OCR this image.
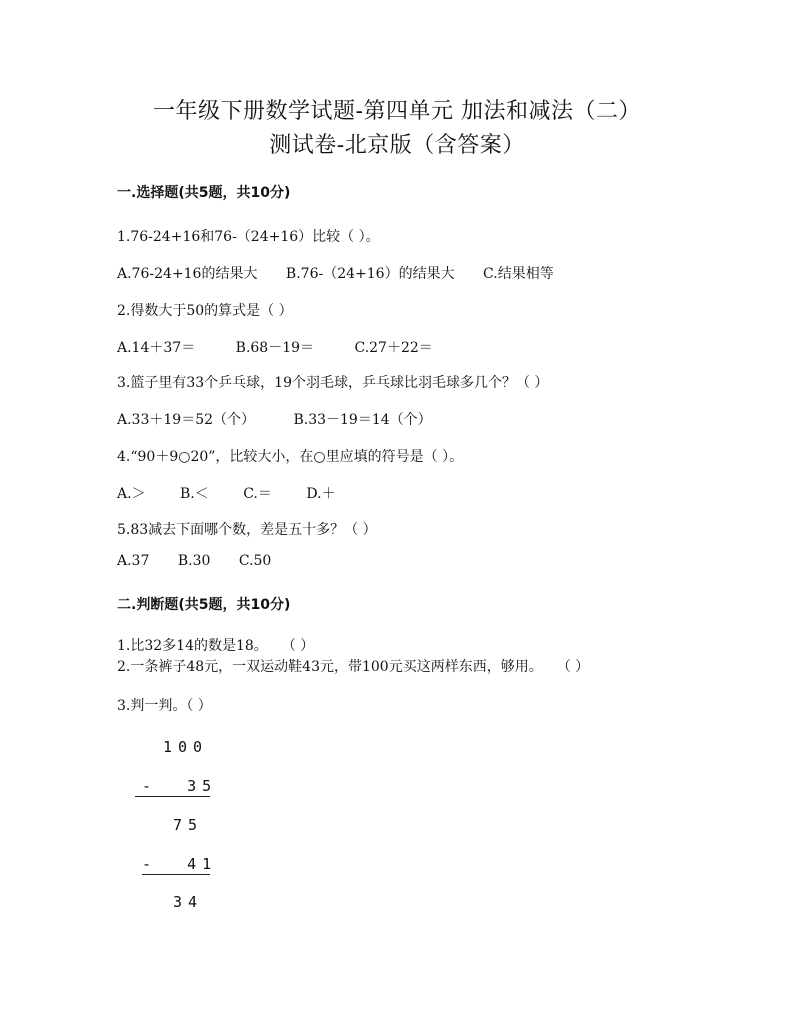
一年级下册数学试题-第四单元 加法和减法（二）
测试卷-北京版（含答案）
一.选择题(共5题，共10分)
1.76-24+16和76-（24+16）比较（ ）。
A.76-24+16的结果大 B.76-（24+16）的结果大 C.结果相等
2.得数大于50的算式是（ ）
A.14＋37＝	B.68－19＝	C.27＋22＝
3.篮子里有33个乒乓球，19个羽毛球，乒乓球比羽毛球多几个？（ ）
A.33＋19＝52（个）	B.33－19＝14（个）
4.“90＋9○20”，比较大小，在○里应填的符号是（ ）。
A.＞ B.＜ C.＝ D.＋
5.83减去下面哪个数，差是五十多？（ ）
A.37 B.30 C.50
二.判断题(共5题，共10分)
1.比32多14的数是18。　　（ ）
2.一条裤子48元，一双运动鞋43元，带100元买这两样东西，够用。　　（ ）
3.判一判。（ ）
100
-  35
75
-  41
34
